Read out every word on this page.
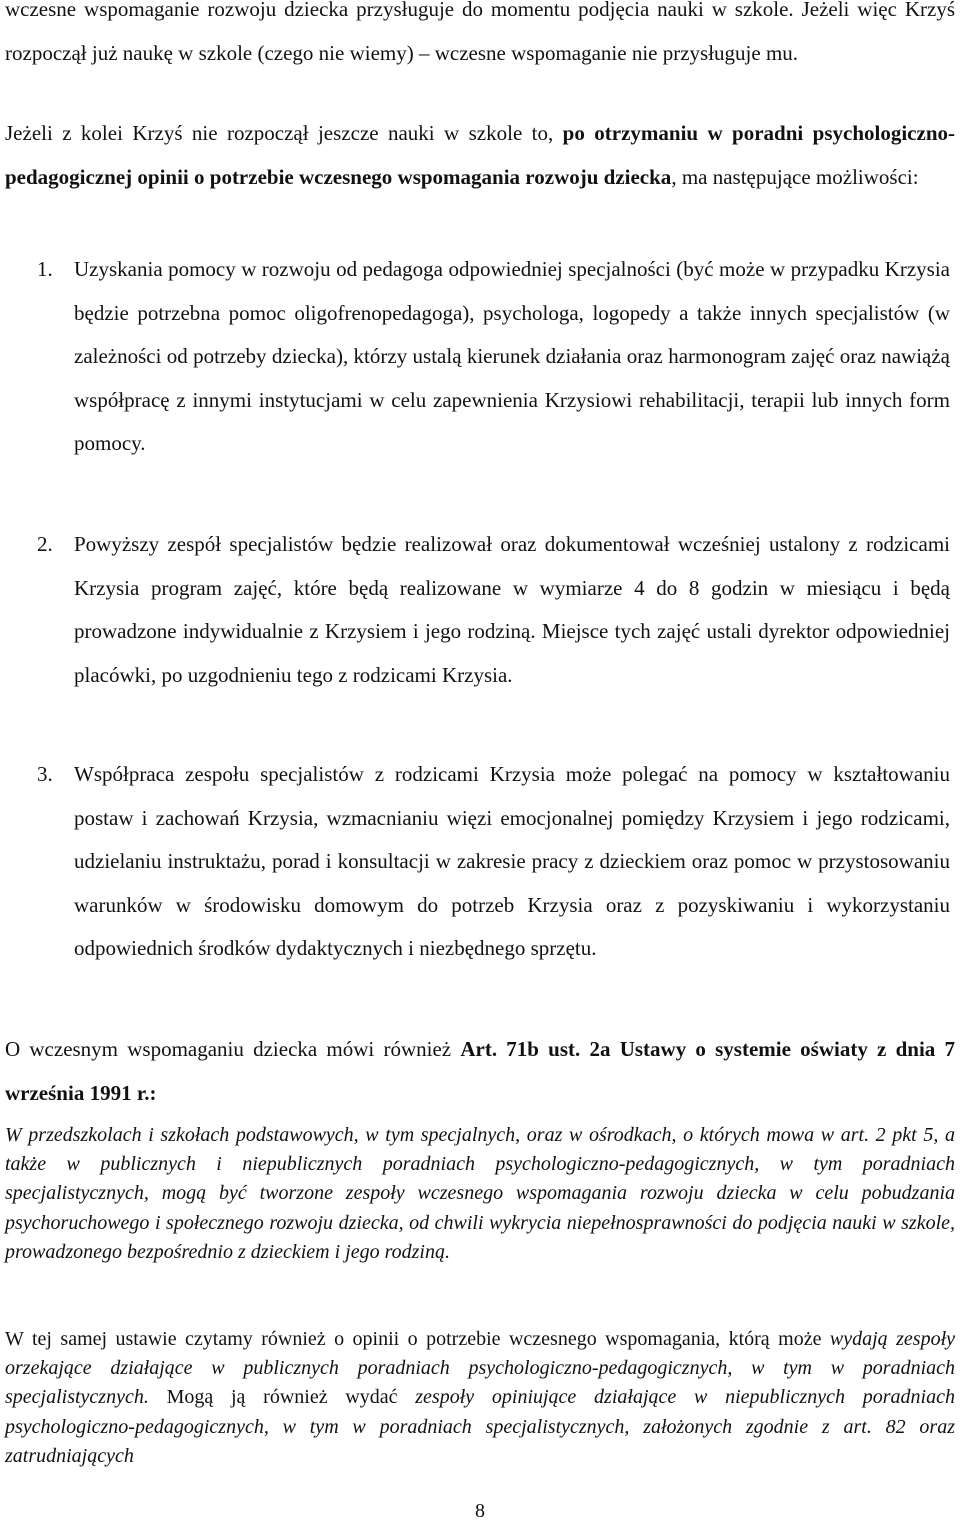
wczesne wspomaganie rozwoju dziecka przysługuje do momentu podjęcia nauki w szkole. Jeżeli więc Krzyś rozpoczął już naukę w szkole (czego nie wiemy) – wczesne wspomaganie nie przysługuje mu.

Jeżeli z kolei Krzyś nie rozpoczął jeszcze nauki w szkole to, po otrzymaniu w poradni psychologiczno-pedagogicznej opinii o potrzebie wczesnego wspomagania rozwoju dziecka, ma następujące możliwości:

1. Uzyskania pomocy w rozwoju od pedagoga odpowiedniej specjalności (być może w przypadku Krzysia będzie potrzebna pomoc oligofrenopedagoga), psychologa, logopedy a także innych specjalistów (w zależności od potrzeby dziecka), którzy ustalą kierunek działania oraz harmonogram zajęć oraz nawiążą współpracę z innymi instytucjami w celu zapewnienia Krzysiowi rehabilitacji, terapii lub innych form pomocy.
2. Powyższy zespół specjalistów będzie realizował oraz dokumentował wcześniej ustalony z rodzicami Krzysia program zajęć, które będą realizowane w wymiarze 4 do 8 godzin w miesiącu i będą prowadzone indywidualnie z Krzysiem i jego rodziną. Miejsce tych zajęć ustali dyrektor odpowiedniej placówki, po uzgodnieniu tego z rodzicami Krzysia.
3. Współpraca zespołu specjalistów z rodzicami Krzysia może polegać na pomocy w kształtowaniu postaw i zachowań Krzysia, wzmacnianiu więzi emocjonalnej pomiędzy Krzysiem i jego rodzicami, udzielaniu instruktażu, porad i konsultacji w zakresie pracy z dzieckiem oraz pomoc w przystosowaniu warunków w środowisku domowym do potrzeb Krzysia oraz z pozyskiwaniu i wykorzystaniu odpowiednich środków dydaktycznych i niezbędnego sprzętu.

O wczesnym wspomaganiu dziecka mówi również Art. 71b ust. 2a Ustawy o systemie oświaty z dnia 7 września 1991 r.:

W przedszkolach i szkołach podstawowych, w tym specjalnych, oraz w ośrodkach, o których mowa w art. 2 pkt 5, a także w publicznych i niepublicznych poradniach psychologiczno-pedagogicznych, w tym poradniach specjalistycznych, mogą być tworzone zespoły wczesnego wspomagania rozwoju dziecka w celu pobudzania psychoruchowego i społecznego rozwoju dziecka, od chwili wykrycia niepełnosprawności do podjęcia nauki w szkole, prowadzonego bezpośrednio z dzieckiem i jego rodziną.

W tej samej ustawie czytamy również o opinii o potrzebie wczesnego wspomagania, którą może wydają zespoły orzekające działające w publicznych poradniach psychologiczno-pedagogicznych, w tym w poradniach specjalistycznych. Mogą ją również wydać zespoły opiniujące działające w niepublicznych poradniach psychologiczno-pedagogicznych, w tym w poradniach specjalistycznych, założonych zgodnie z art. 82 oraz zatrudniających

8
